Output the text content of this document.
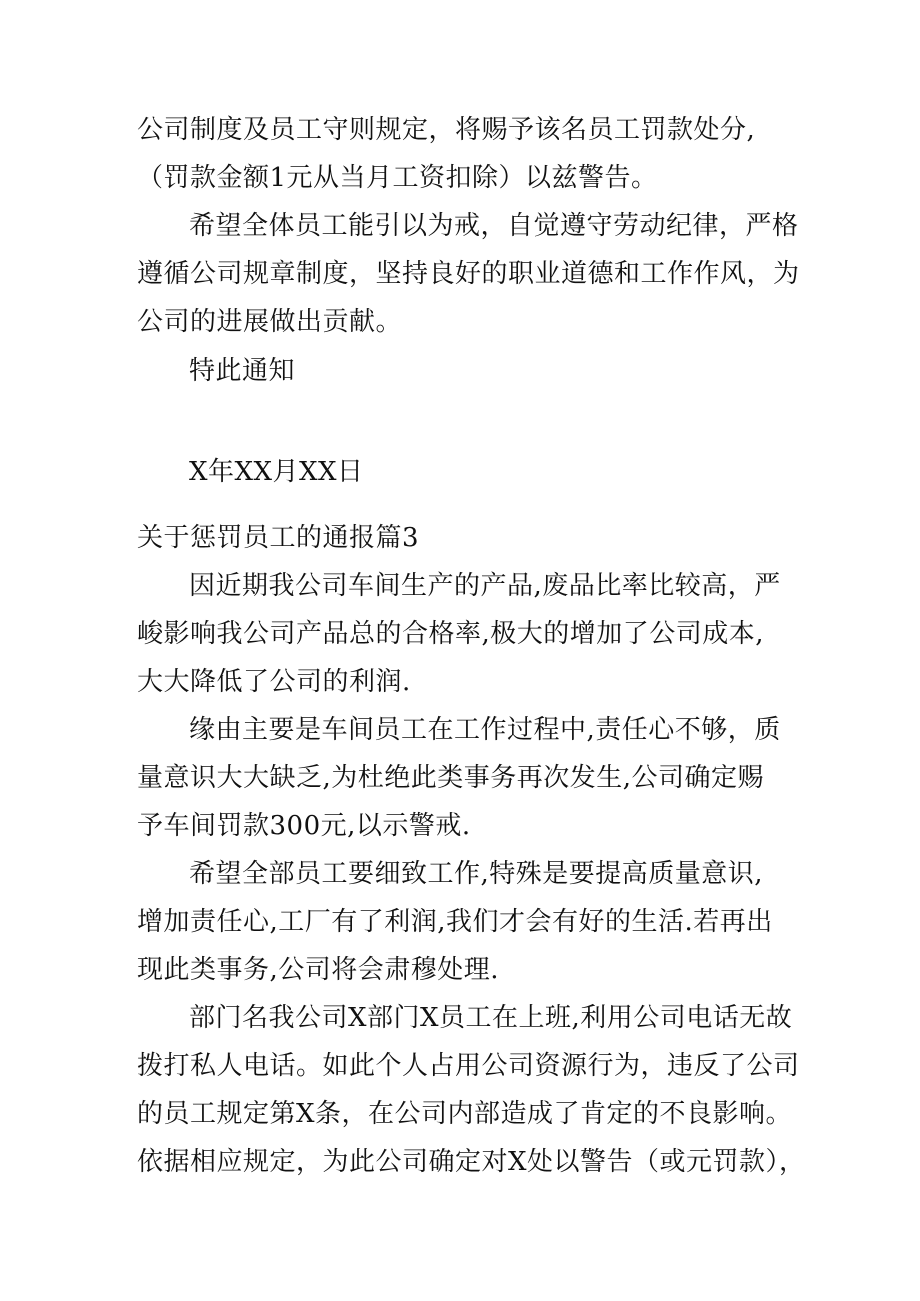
公司制度及员工守则规定，将赐予该名员工罚款处分,
（罚款金额1元从当月工资扣除）以兹警告。
希望全体员工能引以为戒，自觉遵守劳动纪律，严格
遵循公司规章制度，坚持良好的职业道德和工作作风，为
公司的进展做出贡献。
特此通知
X年XX月XX日
关于惩罚员工的通报篇3
因近期我公司车间生产的产品,废品比率比较高，严
峻影响我公司产品总的合格率,极大的增加了公司成本,
大大降低了公司的利润.
缘由主要是车间员工在工作过程中,责任心不够，质
量意识大大缺乏,为杜绝此类事务再次发生,公司确定赐
予车间罚款300元,以示警戒.
希望全部员工要细致工作,特殊是要提高质量意识,
增加责任心,工厂有了利润,我们才会有好的生活.若再出
现此类事务,公司将会肃穆处理.
部门名我公司X部门X员工在上班,利用公司电话无故
拨打私人电话。如此个人占用公司资源行为，违反了公司
的员工规定第X条，在公司内部造成了肯定的不良影响。
依据相应规定，为此公司确定对X处以警告（或元罚款），
